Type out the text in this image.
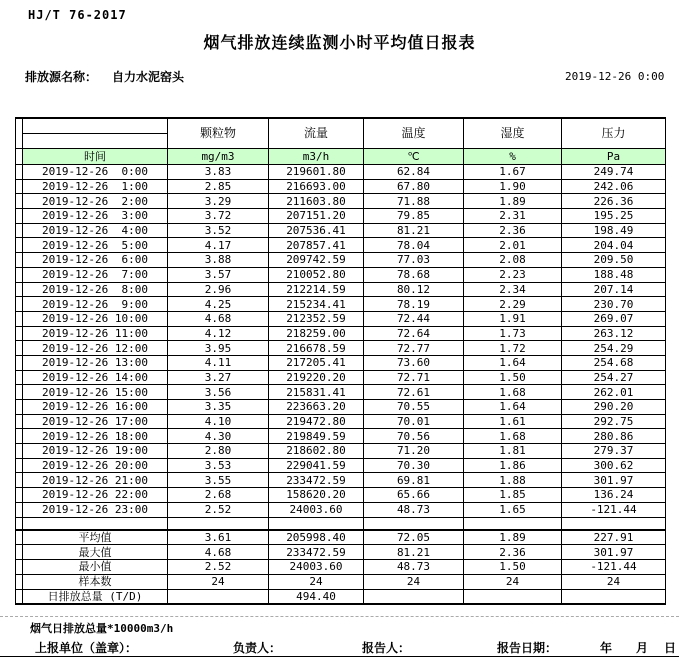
HJ/T 76-2017
烟气排放连续监测小时平均值日报表
排放源名称： 自力水泥窑头	2019-12-26 0:00

	颗粒物	流量	温度	湿度	压力
	时间	mg/m3	m3/h	℃	%	Pa
	2019-12-26  0:00	3.83	219601.80	62.84	1.67	249.74
	2019-12-26  1:00	2.85	216693.00	67.80	1.90	242.06
	2019-12-26  2:00	3.29	211603.80	71.88	1.89	226.36
	2019-12-26  3:00	3.72	207151.20	79.85	2.31	195.25
	2019-12-26  4:00	3.52	207536.41	81.21	2.36	198.49
	2019-12-26  5:00	4.17	207857.41	78.04	2.01	204.04
	2019-12-26  6:00	3.88	209742.59	77.03	2.08	209.50
	2019-12-26  7:00	3.57	210052.80	78.68	2.23	188.48
	2019-12-26  8:00	2.96	212214.59	80.12	2.34	207.14
	2019-12-26  9:00	4.25	215234.41	78.19	2.29	230.70
	2019-12-26 10:00	4.68	212352.59	72.44	1.91	269.07
	2019-12-26 11:00	4.12	218259.00	72.64	1.73	263.12
	2019-12-26 12:00	3.95	216678.59	72.77	1.72	254.29
	2019-12-26 13:00	4.11	217205.41	73.60	1.64	254.68
	2019-12-26 14:00	3.27	219220.20	72.71	1.50	254.27
	2019-12-26 15:00	3.56	215831.41	72.61	1.68	262.01
	2019-12-26 16:00	3.35	223663.20	70.55	1.64	290.20
	2019-12-26 17:00	4.10	219472.80	70.01	1.61	292.75
	2019-12-26 18:00	4.30	219849.59	70.56	1.68	280.86
	2019-12-26 19:00	2.80	218602.80	71.20	1.81	279.37
	2019-12-26 20:00	3.53	229041.59	70.30	1.86	300.62
	2019-12-26 21:00	3.55	233472.59	69.81	1.88	301.97
	2019-12-26 22:00	2.68	158620.20	65.66	1.85	136.24
	2019-12-26 23:00	2.52	24003.60	48.73	1.65	-121.44

	平均值	3.61	205998.40	72.05	1.89	227.91
	最大值	4.68	233472.59	81.21	2.36	301.97
	最小值	2.52	24003.60	48.73	1.50	-121.44
	样本数	24	24	24	24	24
	日排放总量 (T/D)		494.40			
烟气日排放总量*10000m3/h
上报单位（盖章）：	负责人：	报告人：	报告日期：	年 月 日
